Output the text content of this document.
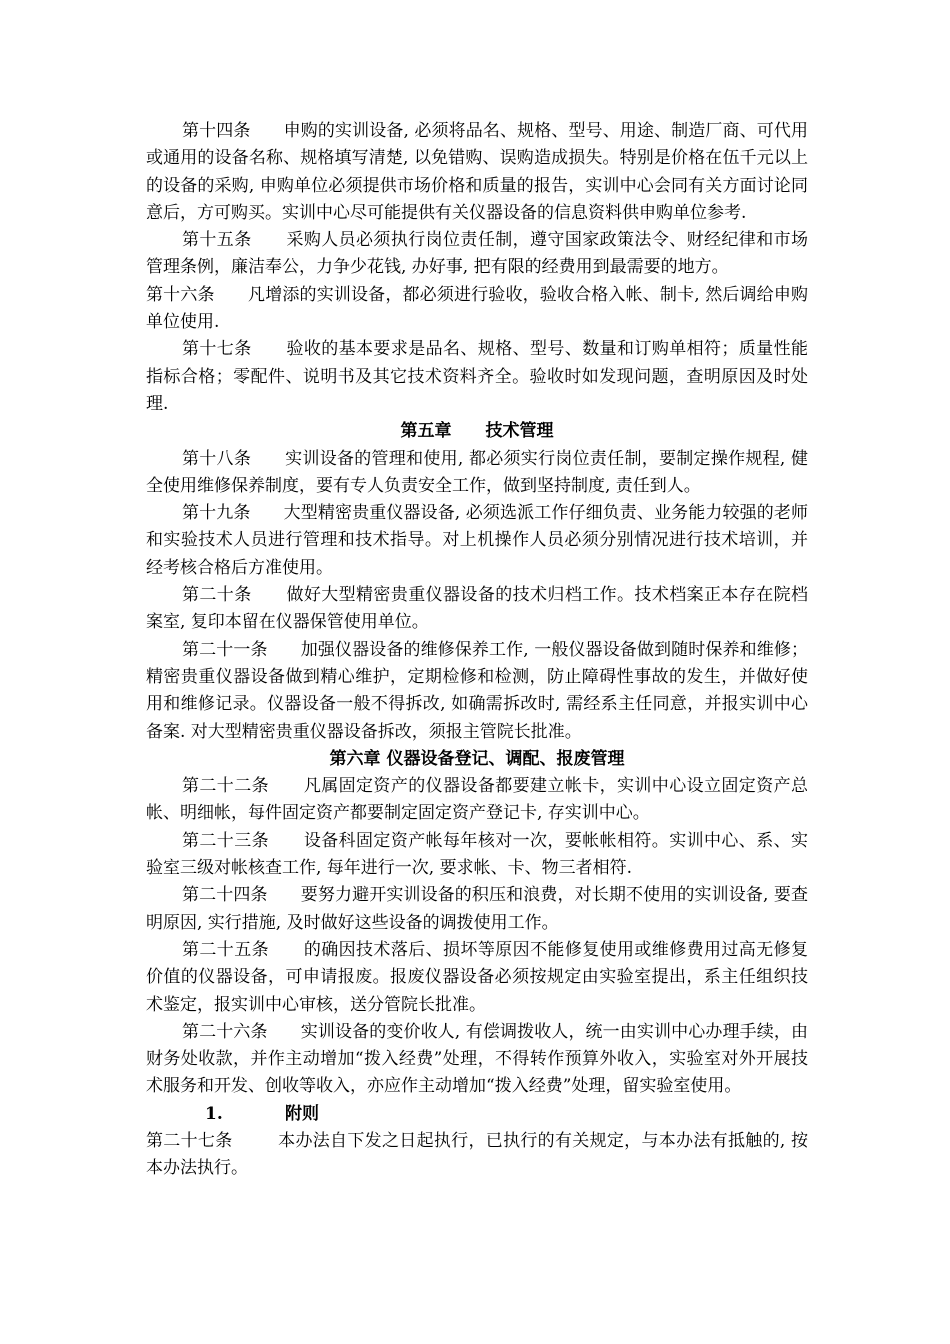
第十四条 申购的实训设备, 必须将品名、规格、型号、用途、制造厂商、可代用或通用的设备名称、规格填写清楚, 以免错购、误购造成损失。特别是价格在伍千元以上的设备的采购, 申购单位必须提供市场价格和质量的报告，实训中心会同有关方面讨论同意后，方可购买。实训中心尽可能提供有关仪器设备的信息资料供申购单位参考.

第十五条 采购人员必须执行岗位责任制，遵守国家政策法令、财经纪律和市场管理条例，廉洁奉公，力争少花钱, 办好事, 把有限的经费用到最需要的地方。

第十六条 凡增添的实训设备，都必须进行验收，验收合格入帐、制卡, 然后调给申购单位使用.

第十七条 验收的基本要求是品名、规格、型号、数量和订购单相符；质量性能指标合格；零配件、说明书及其它技术资料齐全。验收时如发现问题，查明原因及时处理.

第五章　　技术管理

第十八条 实训设备的管理和使用, 都必须实行岗位责任制，要制定操作规程, 健全使用维修保养制度，要有专人负责安全工作，做到坚持制度, 责任到人。

第十九条 大型精密贵重仪器设备, 必须选派工作仔细负责、业务能力较强的老师和实验技术人员进行管理和技术指导。对上机操作人员必须分别情况进行技术培训，并经考核合格后方准使用。

第二十条 做好大型精密贵重仪器设备的技术归档工作。技术档案正本存在院档案室, 复印本留在仪器保管使用单位。

第二十一条 加强仪器设备的维修保养工作, 一般仪器设备做到随时保养和维修；精密贵重仪器设备做到精心维护，定期检修和检测，防止障碍性事故的发生，并做好使用和维修记录。仪器设备一般不得拆改, 如确需拆改时, 需经系主任同意，并报实训中心备案. 对大型精密贵重仪器设备拆改，须报主管院长批准。

第六章 仪器设备登记、调配、报废管理

第二十二条 凡属固定资产的仪器设备都要建立帐卡，实训中心设立固定资产总帐、明细帐，每件固定资产都要制定固定资产登记卡, 存实训中心。

第二十三条 设备科固定资产帐每年核对一次，要帐帐相符。实训中心、系、实验室三级对帐核查工作, 每年进行一次, 要求帐、卡、物三者相符.

第二十四条 要努力避开实训设备的积压和浪费，对长期不使用的实训设备, 要查明原因, 实行措施, 及时做好这些设备的调拨使用工作。

第二十五条 的确因技术落后、损坏等原因不能修复使用或维修费用过高无修复价值的仪器设备，可申请报废。报废仪器设备必须按规定由实验室提出，系主任组织技术鉴定，报实训中心审核，送分管院长批准。

第二十六条 实训设备的变价收人, 有偿调拨收人，统一由实训中心办理手续，由财务处收款，并作主动增加“拨入经费”处理，不得转作预算外收入，实验室对外开展技术服务和开发、创收等收入，亦应作主动增加“拨入经费”处理，留实验室使用。

1.	附则

第二十七条	本办法自下发之日起执行，已执行的有关规定，与本办法有抵触的, 按本办法执行。
